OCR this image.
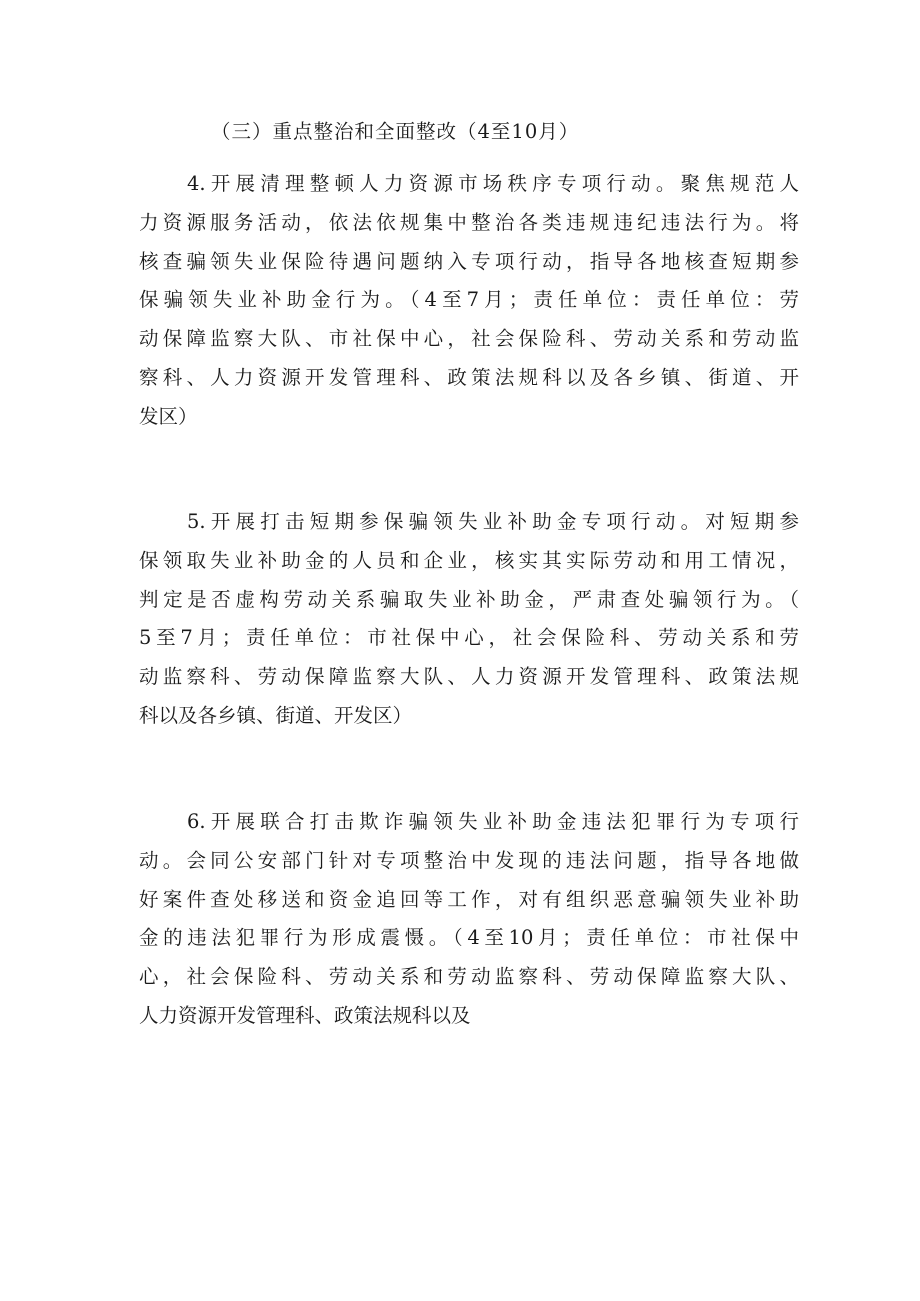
（三）重点整治和全面整改（4至10月）
4.开展清理整顿人力资源市场秩序专项行动。聚焦规范人
力资源服务活动，依法依规集中整治各类违规违纪违法行为。将
核查骗领失业保险待遇问题纳入专项行动，指导各地核查短期参
保骗领失业补助金行为。（4至7月；责任单位：责任单位：劳
动保障监察大队、市社保中心，社会保险科、劳动关系和劳动监
察科、人力资源开发管理科、政策法规科以及各乡镇、街道、开
发区）
5.开展打击短期参保骗领失业补助金专项行动。对短期参
保领取失业补助金的人员和企业，核实其实际劳动和用工情况，
判定是否虚构劳动关系骗取失业补助金，严肃查处骗领行为。（
5至7月；责任单位：市社保中心，社会保险科、劳动关系和劳
动监察科、劳动保障监察大队、人力资源开发管理科、政策法规
科以及各乡镇、街道、开发区）
6.开展联合打击欺诈骗领失业补助金违法犯罪行为专项行
动。会同公安部门针对专项整治中发现的违法问题，指导各地做
好案件查处移送和资金追回等工作，对有组织恶意骗领失业补助
金的违法犯罪行为形成震慑。（4至10月；责任单位：市社保中
心，社会保险科、劳动关系和劳动监察科、劳动保障监察大队、
人力资源开发管理科、政策法规科以及
